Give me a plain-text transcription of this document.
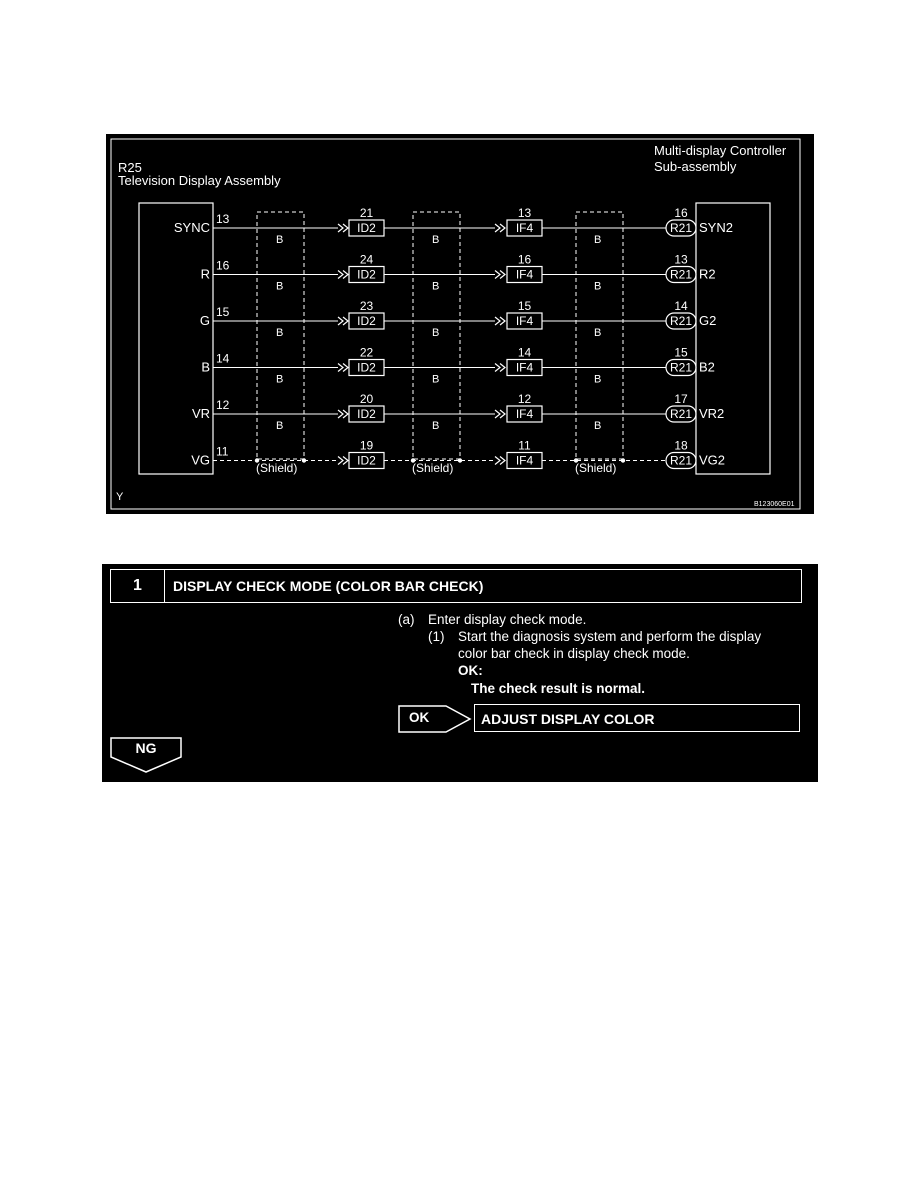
R25
Television Display Assembly
Multi-display Controller
Sub-assembly
SYNC
13
ID2
21
IF4
13
R21
16
SYN2
B	B	B
R
16
ID2
24
IF4
16
R21
13
R2
B	B	B
G
15
ID2
23
IF4
15
R21
14
G2
B	B	B
B
14
ID2
22
IF4
14
R21
15
B2
B	B	B
VR
12
ID2
20
IF4
12
R21
17
VR2
B	B	B
VG
11
ID2
19
IF4
11
R21
18
VG2
(Shield)	(Shield)	(Shield)
Y
B123060E01
1	DISPLAY CHECK MODE (COLOR BAR CHECK)
(a) Enter display check mode.
(1) Start the diagnosis system and perform the display
color bar check in display check mode.
OK:
The check result is normal.
OK	ADJUST DISPLAY COLOR
NG
